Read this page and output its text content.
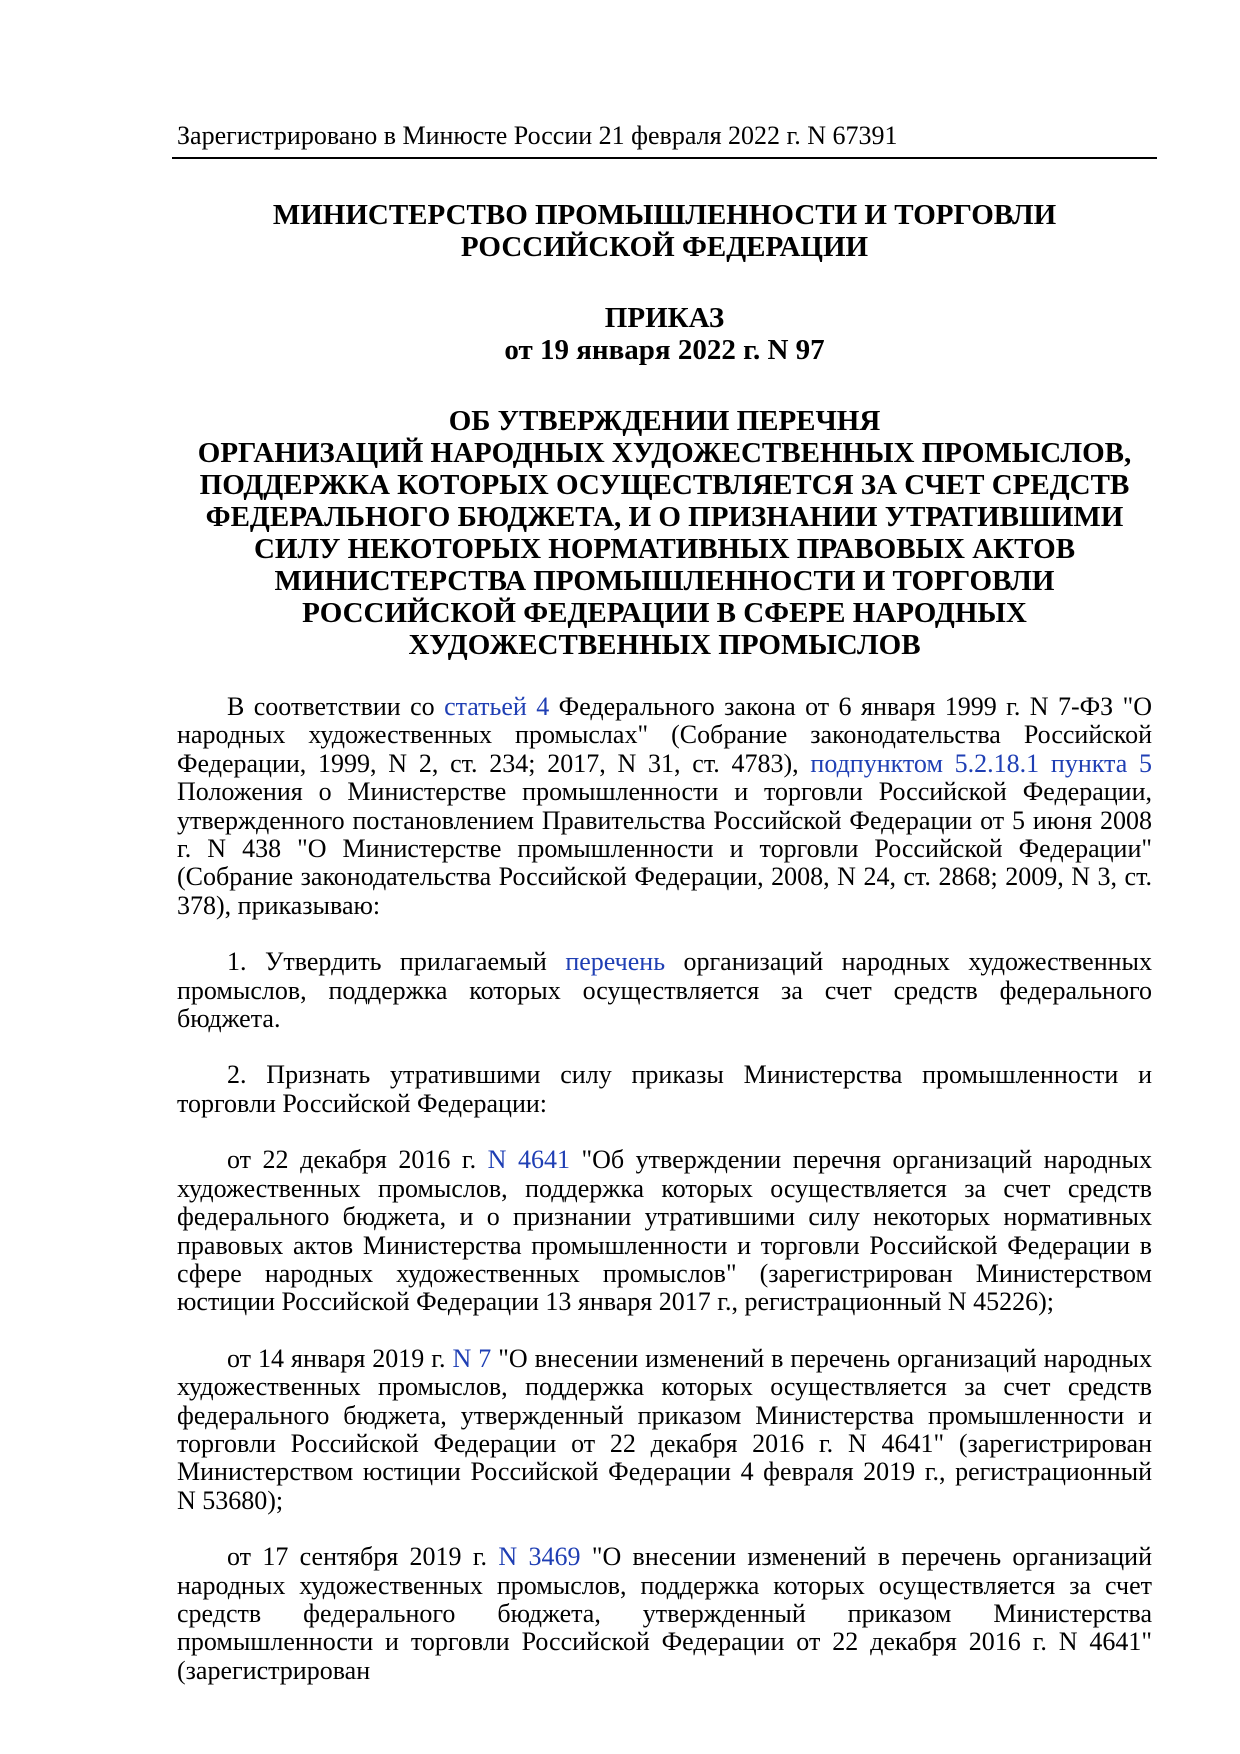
Зарегистрировано в Минюсте России 21 февраля 2022 г. N 67391
МИНИСТЕРСТВО ПРОМЫШЛЕННОСТИ И ТОРГОВЛИ
РОССИЙСКОЙ ФЕДЕРАЦИИ
ПРИКАЗ
от 19 января 2022 г. N 97
ОБ УТВЕРЖДЕНИИ ПЕРЕЧНЯ
ОРГАНИЗАЦИЙ НАРОДНЫХ ХУДОЖЕСТВЕННЫХ ПРОМЫСЛОВ,
ПОДДЕРЖКА КОТОРЫХ ОСУЩЕСТВЛЯЕТСЯ ЗА СЧЕТ СРЕДСТВ
ФЕДЕРАЛЬНОГО БЮДЖЕТА, И О ПРИЗНАНИИ УТРАТИВШИМИ
СИЛУ НЕКОТОРЫХ НОРМАТИВНЫХ ПРАВОВЫХ АКТОВ
МИНИСТЕРСТВА ПРОМЫШЛЕННОСТИ И ТОРГОВЛИ
РОССИЙСКОЙ ФЕДЕРАЦИИ В СФЕРЕ НАРОДНЫХ
ХУДОЖЕСТВЕННЫХ ПРОМЫСЛОВ

В соответствии со статьей 4 Федерального закона от 6 января 1999 г. N 7-ФЗ "О народных художественных промыслах" (Собрание законодательства Российской Федерации, 1999, N 2, ст. 234; 2017, N 31, ст. 4783), подпунктом 5.2.18.1 пункта 5 Положения о Министерстве промышленности и торговли Российской Федерации, утвержденного постановлением Правительства Российской Федерации от 5 июня 2008 г. N 438 "О Министерстве промышленности и торговли Российской Федерации" (Собрание законодательства Российской Федерации, 2008, N 24, ст. 2868; 2009, N 3, ст. 378), приказываю:

1. Утвердить прилагаемый перечень организаций народных художественных промыслов, поддержка которых осуществляется за счет средств федерального бюджета.

2. Признать утратившими силу приказы Министерства промышленности и торговли Российской Федерации:

от 22 декабря 2016 г. N 4641 "Об утверждении перечня организаций народных художественных промыслов, поддержка которых осуществляется за счет средств федерального бюджета, и о признании утратившими силу некоторых нормативных правовых актов Министерства промышленности и торговли Российской Федерации в сфере народных художественных промыслов" (зарегистрирован Министерством юстиции Российской Федерации 13 января 2017 г., регистрационный N 45226);

от 14 января 2019 г. N 7 "О внесении изменений в перечень организаций народных художественных промыслов, поддержка которых осуществляется за счет средств федерального бюджета, утвержденный приказом Министерства промышленности и торговли Российской Федерации от 22 декабря 2016 г. N 4641" (зарегистрирован Министерством юстиции Российской Федерации 4 февраля 2019 г., регистрационный N 53680);

от 17 сентября 2019 г. N 3469 "О внесении изменений в перечень организаций народных художественных промыслов, поддержка которых осуществляется за счет средств федерального бюджета, утвержденный приказом Министерства промышленности и торговли Российской Федерации от 22 декабря 2016 г. N 4641" (зарегистрирован
